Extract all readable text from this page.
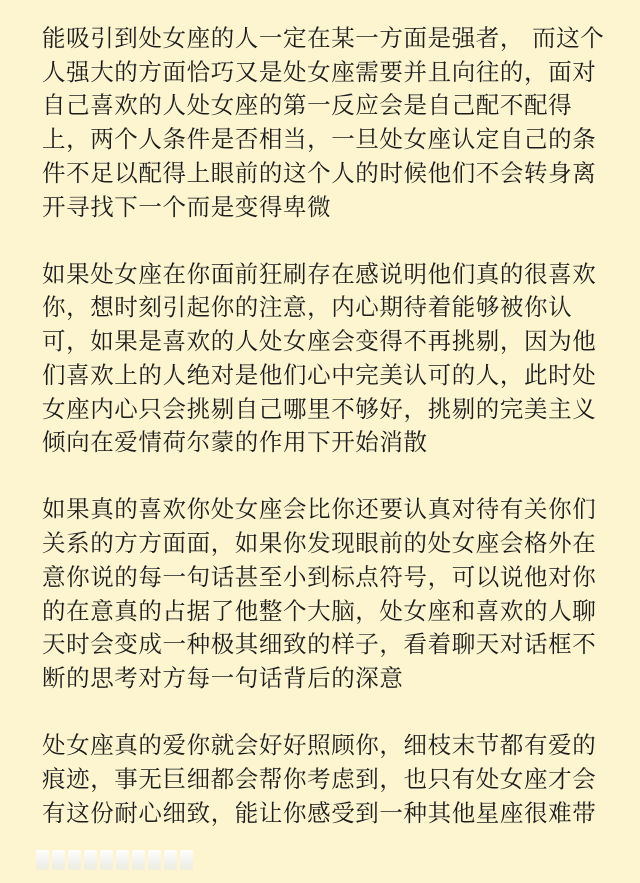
能吸引到处女座的人一定在某一方面是强者， 而这个
人强大的方面恰巧又是处女座需要并且向往的，面对
自己喜欢的人处女座的第一反应会是自己配不配得
上，两个人条件是否相当，一旦处女座认定自己的条
件不足以配得上眼前的这个人的时候他们不会转身离
开寻找下一个而是变得卑微

如果处女座在你面前狂刷存在感说明他们真的很喜欢
你，想时刻引起你的注意，内心期待着能够被你认
可，如果是喜欢的人处女座会变得不再挑剔，因为他
们喜欢上的人绝对是他们心中完美认可的人，此时处
女座内心只会挑剔自己哪里不够好，挑剔的完美主义
倾向在爱情荷尔蒙的作用下开始消散

如果真的喜欢你处女座会比你还要认真对待有关你们
关系的方方面面，如果你发现眼前的处女座会格外在
意你说的每一句话甚至小到标点符号，可以说他对你
的在意真的占据了他整个大脑，处女座和喜欢的人聊
天时会变成一种极其细致的样子，看着聊天对话框不
断的思考对方每一句话背后的深意

处女座真的爱你就会好好照顾你，细枝末节都有爱的
痕迹，事无巨细都会帮你考虑到，也只有处女座才会
有这份耐心细致，能让你感受到一种其他星座很难带
